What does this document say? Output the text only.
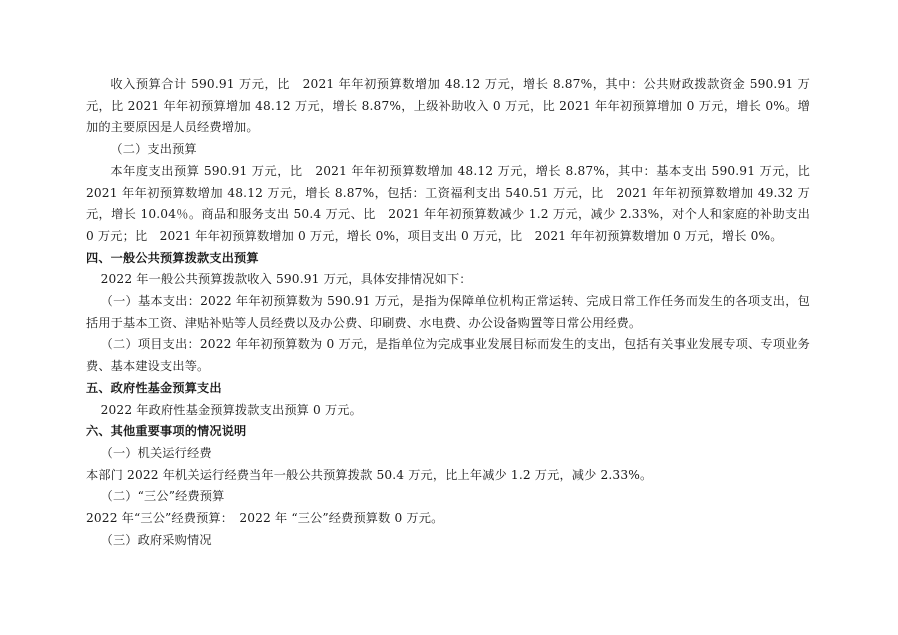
收入预算合计 590.91 万元，比　2021 年年初预算数增加 48.12 万元，增长 8.87%，其中：公共财政拨款资金 590.91 万元，比 2021 年年初预算增加 48.12 万元，增长 8.87%，上级补助收入 0 万元，比 2021 年年初预算增加 0 万元，增长 0%。增加的主要原因是人员经费增加。

（二）支出预算

本年度支出预算 590.91 万元，比　2021 年年初预算数增加 48.12 万元，增长 8.87%，其中：基本支出 590.91 万元，比　2021 年年初预算数增加 48.12 万元，增长 8.87%，包括：工资福利支出 540.51 万元，比　2021 年年初预算数增加 49.32 万元，增长 10.04％。商品和服务支出 50.4 万元、比　2021 年年初预算数减少 1.2 万元，减少 2.33%，对个人和家庭的补助支出 0 万元；比　2021 年年初预算数增加 0 万元，增长 0%，项目支出 0 万元，比　2021 年年初预算数增加 0 万元，增长 0%。

四、一般公共预算拨款支出预算

2022 年一般公共预算拨款收入 590.91 万元，具体安排情况如下：

（一）基本支出：2022 年年初预算数为 590.91 万元，是指为保障单位机构正常运转、完成日常工作任务而发生的各项支出，包括用于基本工资、津贴补贴等人员经费以及办公费、印刷费、水电费、办公设备购置等日常公用经费。

（二）项目支出：2022 年年初预算数为 0 万元，是指单位为完成事业发展目标而发生的支出，包括有关事业发展专项、专项业务费、基本建设支出等。

五、政府性基金预算支出

2022 年政府性基金预算拨款支出预算 0 万元。

六、其他重要事项的情况说明

（一）机关运行经费

本部门 2022 年机关运行经费当年一般公共预算拨款 50.4 万元，比上年减少 1.2 万元，减少 2.33%。

（二）“三公”经费预算

2022 年“三公”经费预算：　2022 年 “三公”经费预算数 0 万元。

（三）政府采购情况
